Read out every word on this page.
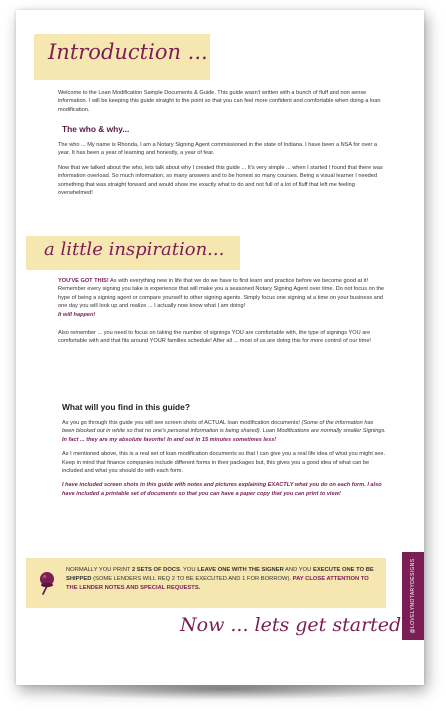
Introduction ...

Welcome to the Loan Modification Sample Documents & Guide. This guide wasn't written with a bunch of fluff and non sense information. I will be keeping this guide straight to the point so that you can feel more confident and comfortable when doing a loan modification.

The who & why...

The who ... My name is Rhonda, I am a Notary Signing Agent commissioned in the state of Indiana. I have been a NSA for over a year. It has been a year of learning and honestly, a year of fear.

Now that we talked about the who, lets talk about why I created this guide ... It's very simple ... when I started I found that there was information overload. So much information, so many answers and to be honest so many courses. Being a visual learner I needed something that was straight forward and would show me exactly what to do and not full of a lot of fluff that left me feeling overwhelmed!

a little inspiration...

YOU'VE GOT THIS! As with everything new in life that we do we have to first learn and practice before we become good at it! Remember every signing you take is experience that will make you a seasoned Notary Signing Agent over time. Do not focus on the hype of being a signing agent or compare yourself to other signing agents. Simply focus one signing at a time on your business and one day you will look up and realize ... I actually now know what I am doing!
It will happen!

Also remember ... you need to focus on taking the number of signings YOU are comfortable with, the type of signings YOU are comfortable with and that fits around YOUR families schedule! After all ... most of us are doing this for more control of our time!

What will you find in this guide?

As you go through this guide you will see screen shots of ACTUAL loan modification documents! (Some of the information has been blocked out in white so that no one's personal information is being shared). Loan Modifications are normally smaller Signings. In fact ... they are my absolute favorite! In and out in 15 minutes sometimes less!

As I mentioned above, this is a real set of loan modification documents so that I can give you a real life idea of what you might see. Keep in mind that finance companies include different forms in their packages but, this gives you a good idea of what can be included and what you should do with each form.

I have included screen shots in this guide with notes and pictures explaining EXACTLY what you do on each form. I also have included a printable set of documents so that you can have a paper copy that you can print to view!

NORMALLY YOU PRINT 2 SETS OF DOCS. YOU LEAVE ONE WITH THE SIGNER AND YOU EXECUTE ONE TO BE SHIPPED (SOME LENDERS WILL REQ 2 TO BE EXECUTED AND 1 FOR BORROW). PAY CLOSE ATTENTION TO THE LENDER NOTES AND SPECIAL REQUESTS.	@LOVELYNOTARYDESIGNS
Now ... lets get started!
